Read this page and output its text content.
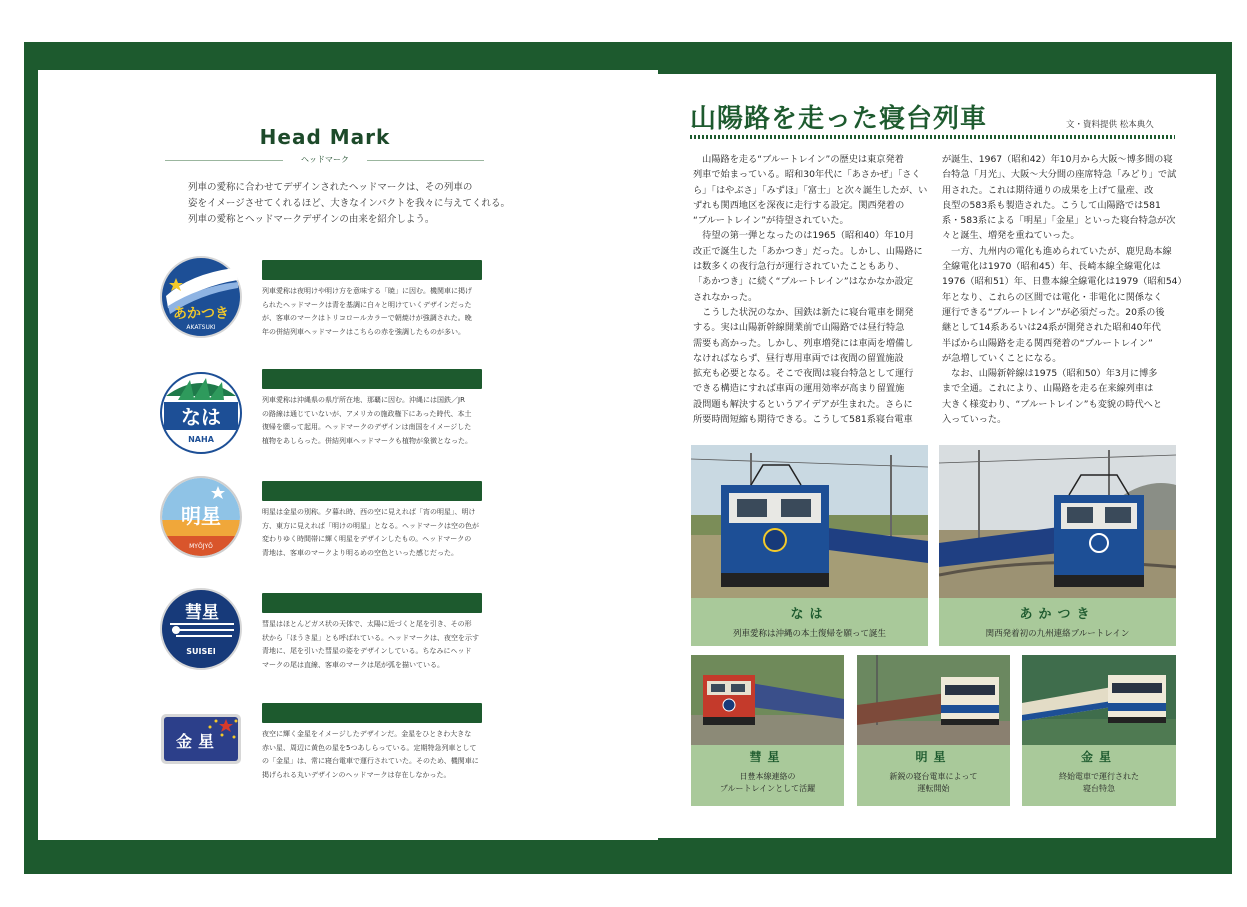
Head Mark
ヘッドマーク
列車の愛称に合わせてデザインされたヘッドマークは、その列車の
姿をイメージさせてくれるほど、大きなインパクトを我々に与えてくれる。
列車の愛称とヘッドマークデザインの由来を紹介しよう。
あかつき
AKATSUKI
列車愛称は夜明けや明け方を意味する「暁」に因む。機関車に掲げ
られたヘッドマークは青を基調に白々と明けていくデザインだった
が、客車のマークはトリコロールカラーで朝焼けが強調された。晩
年の併結列車ヘッドマークはこちらの赤を強調したものが多い。
なは
NAHA
列車愛称は沖縄県の県庁所在地、那覇に因む。沖縄には国鉄／JR
の路線は通じていないが、アメリカの施政権下にあった時代、本土
復帰を願って起用。ヘッドマークのデザインは南国をイメージした
植物をあしらった。併結列車ヘッドマークも植物が象徴となった。
明星
MYŌJYŌ
明星は金星の別称。夕暮れ時、西の空に見えれば「宵の明星」、明け
方、東方に見えれば「明けの明星」となる。ヘッドマークは空の色が
変わりゆく時間帯に輝く明星をデザインしたもの。ヘッドマークの
青地は、客車のマークより明るめの空色といった感じだった。
彗星
SUISEI
彗星はほとんどガス状の天体で、太陽に近づくと尾を引き、その形
状から「ほうき星」とも呼ばれている。ヘッドマークは、夜空を示す
青地に、尾を引いた彗星の姿をデザインしている。ちなみにヘッド
マークの尾は直線、客車のマークは尾が弧を描いている。
金星	夜空に輝く金星をイメージしたデザインだ。金星をひときわ大きな
赤い星、周辺に黄色の星を5つあしらっている。定期特急列車として
の「金星」は、常に寝台電車で運行されていた。そのため、機関車に
掲げられる丸いデザインのヘッドマークは存在しなかった。
山陽路を走った寝台列車	文・資料提供 松本典久
　山陽路を走る“ブルートレイン”の歴史は東京発着
列車で始まっている。昭和30年代に「あさかぜ」「さく
ら」「はやぶさ」「みずほ」「富士」と次々誕生したが、い
ずれも関西地区を深夜に走行する設定。関西発着の
“ブルートレイン”が待望されていた。
　待望の第一弾となったのは1965（昭和40）年10月
改正で誕生した「あかつき」だった。しかし、山陽路に
は数多くの夜行急行が運行されていたこともあり、
「あかつき」に続く“ブルートレイン”はなかなか設定
されなかった。
　こうした状況のなか、国鉄は新たに寝台電車を開発
する。実は山陽新幹線開業前で山陽路では昼行特急
需要も高かった。しかし、列車増発には車両を増備し
なければならず、昼行専用車両では夜間の留置施設
拡充も必要となる。そこで夜間は寝台特急として運行
できる構造にすれば車両の運用効率が高まり留置施
設問題も解決するというアイデアが生まれた。さらに
所要時間短縮も期待できる。こうして581系寝台電車
が誕生、1967（昭和42）年10月から大阪～博多間の寝
台特急「月光」、大阪～大分間の座席特急「みどり」で試
用された。これは期待通りの成果を上げて量産、改
良型の583系も製造された。こうして山陽路では581
系・583系による「明星」「金星」といった寝台特急が次
々と誕生、増発を重ねていった。
　一方、九州内の電化も進められていたが、鹿児島本線
全線電化は1970（昭和45）年、長崎本線全線電化は
1976（昭和51）年、日豊本線全線電化は1979（昭和54）
年となり、これらの区間では電化・非電化に関係なく
運行できる“ブルートレイン”が必須だった。20系の後
継として14系あるいは24系が開発された昭和40年代
半ばから山陽路を走る関西発着の“ブルートレイン”
が急増していくことになる。
　なお、山陽新幹線は1975（昭和50）年3月に博多
まで全通。これにより、山陽路を走る在来線列車は
大きく様変わり、“ブルートレイン”も変貌の時代へと
入っていった。
なは
列車愛称は沖縄の本土復帰を願って誕生
あかつき
関西発着初の九州連絡ブルートレイン
彗星
日豊本線連絡の
ブルートレインとして活躍
明星
新鋭の寝台電車によって
運転開始
金星
終始電車で運行された
寝台特急
